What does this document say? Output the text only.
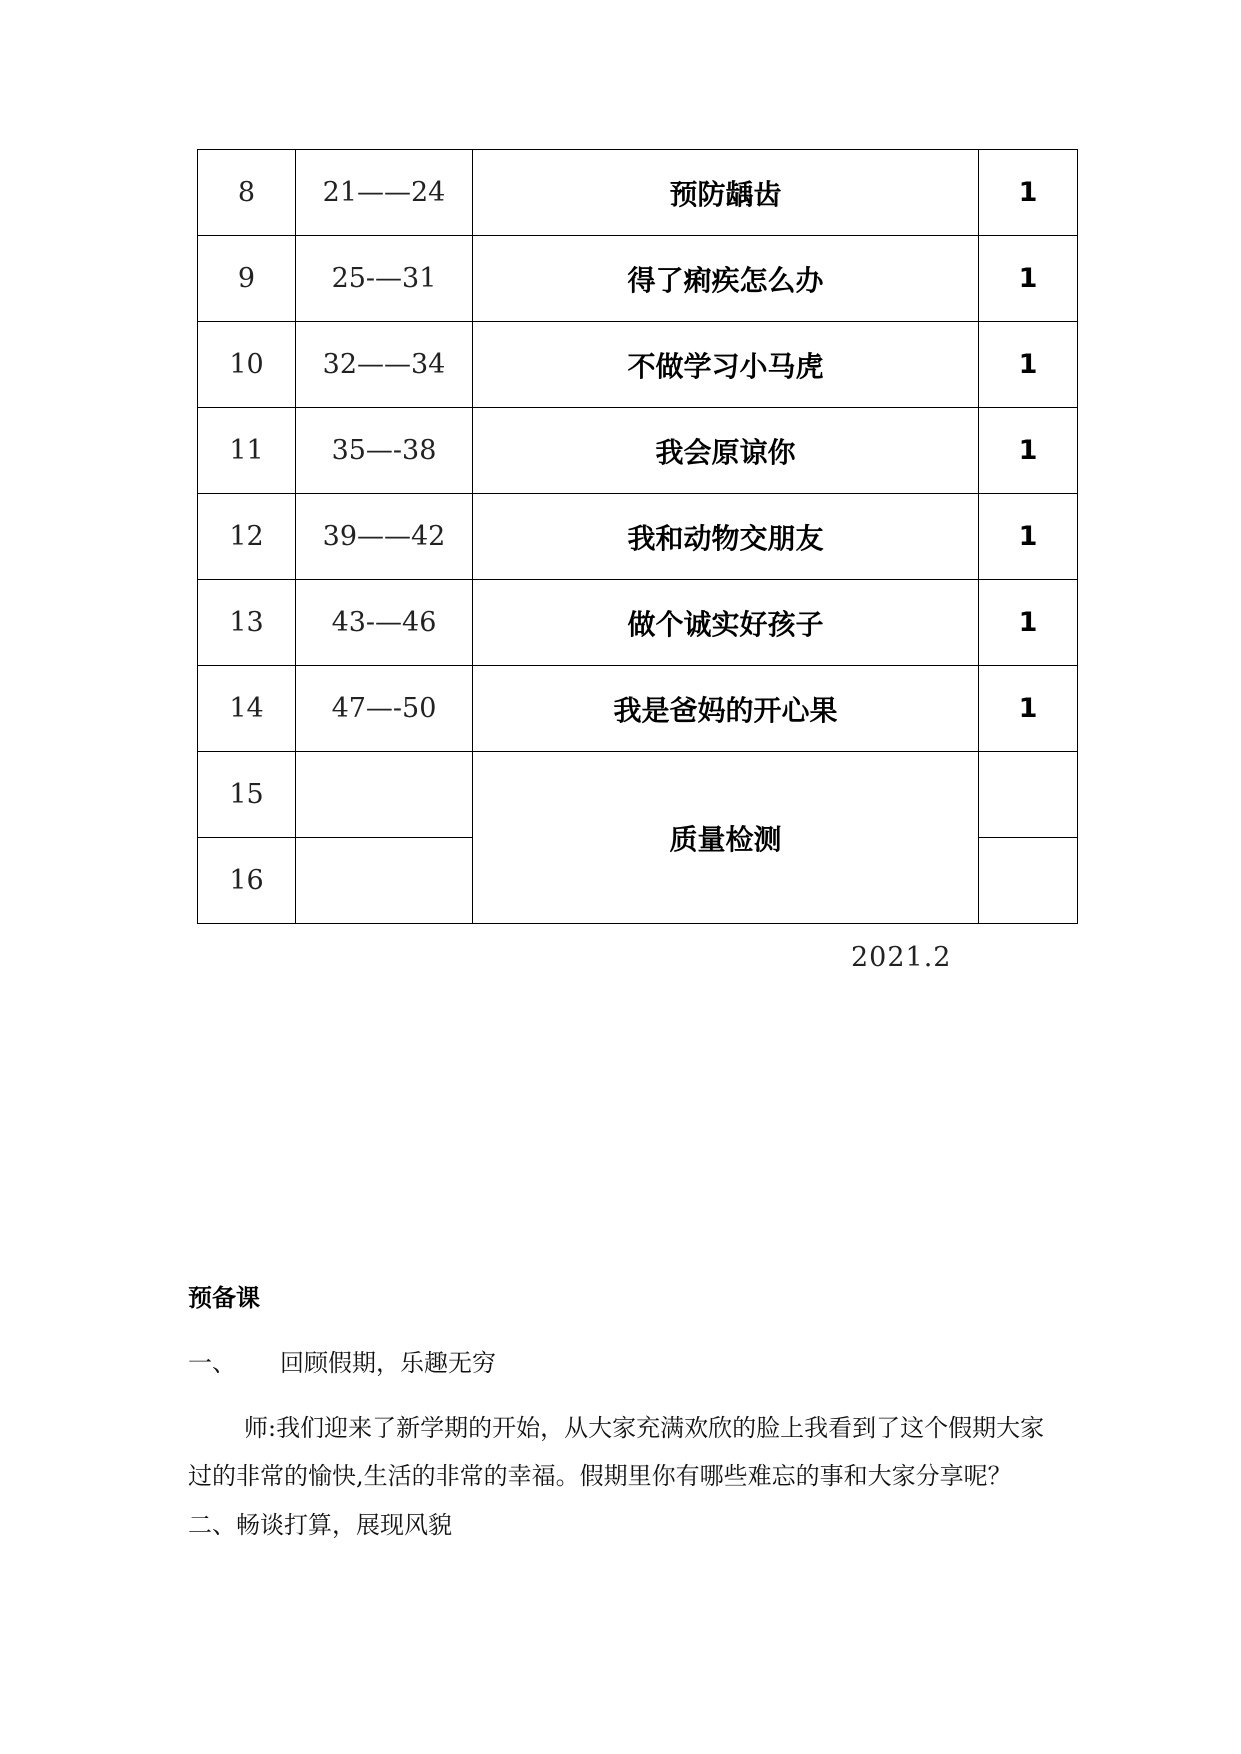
8	21——24	预防龋齿	1
9	25-—31	得了痢疾怎么办	1
10	32——34	不做学习小马虎	1
11	35—-38	我会原谅你	1
12	39——42	我和动物交朋友	1
13	43-—46	做个诚实好孩子	1
14	47—-50	我是爸妈的开心果	1
15		质量检测	
16			
2021.2
预备课
一、 回顾假期，乐趣无穷
师:我们迎来了新学期的开始，从大家充满欢欣的脸上我看到了这个假期大家过的非常的愉快,生活的非常的幸福。假期里你有哪些难忘的事和大家分享呢？
二、畅谈打算，展现风貌
